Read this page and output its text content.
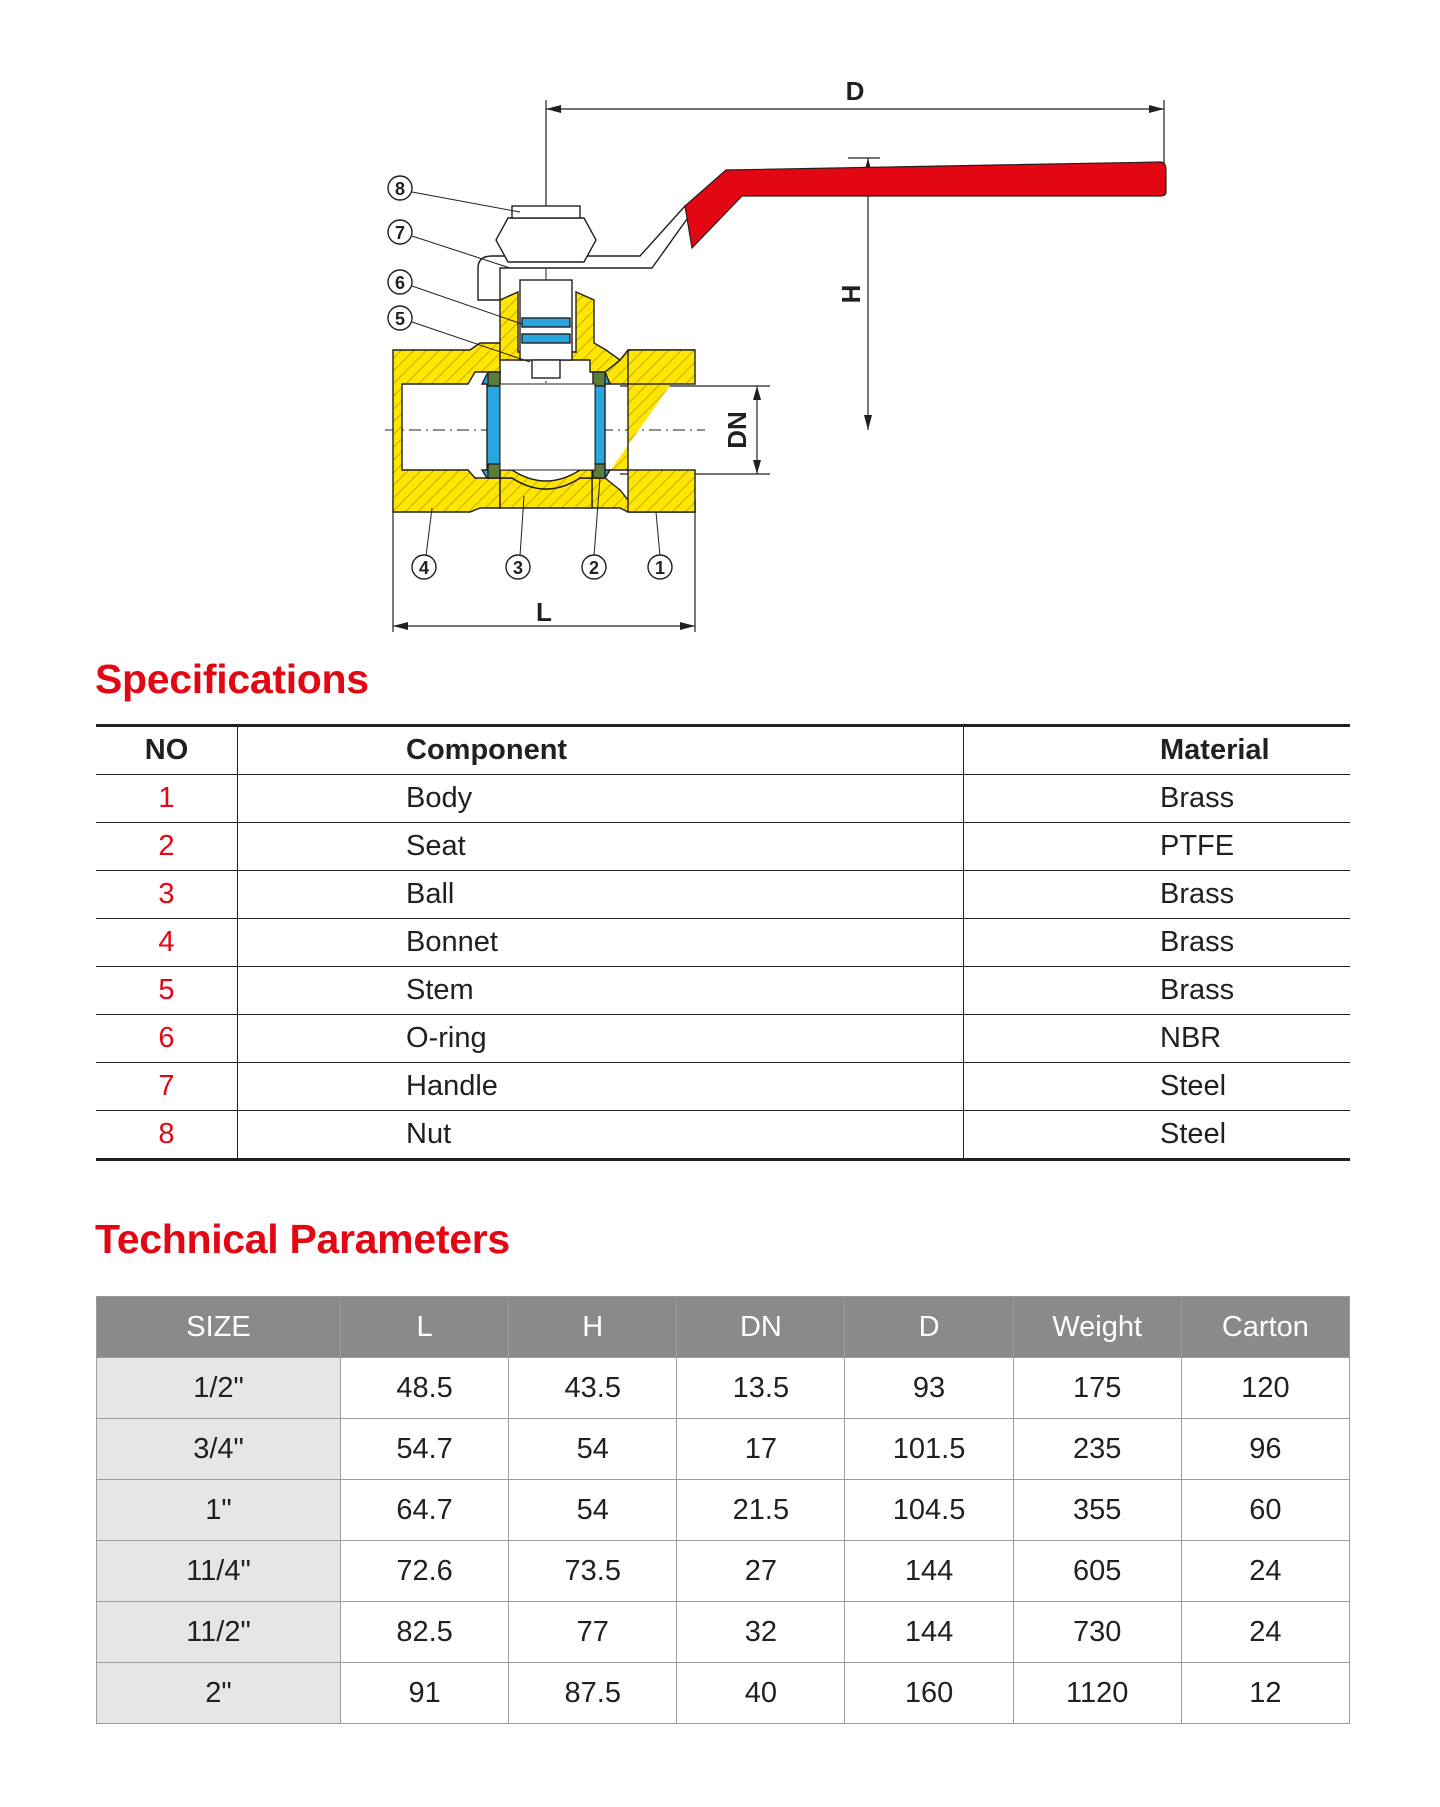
D
H
DN
L
8
7
6
5
4	3	2	1
Specifications
NO	Component	Material
1	Body	Brass
2	Seat	PTFE
3	Ball	Brass
4	Bonnet	Brass
5	Stem	Brass
6	O-ring	NBR
7	Handle	Steel
8	Nut	Steel
Technical Parameters
SIZE	L	H	DN	D	Weight	Carton
1/2"	48.5	43.5	13.5	93	175	120
3/4"	54.7	54	17	101.5	235	96
1"	64.7	54	21.5	104.5	355	60
11/4"	72.6	73.5	27	144	605	24
11/2"	82.5	77	32	144	730	24
2"	91	87.5	40	160	1120	12
